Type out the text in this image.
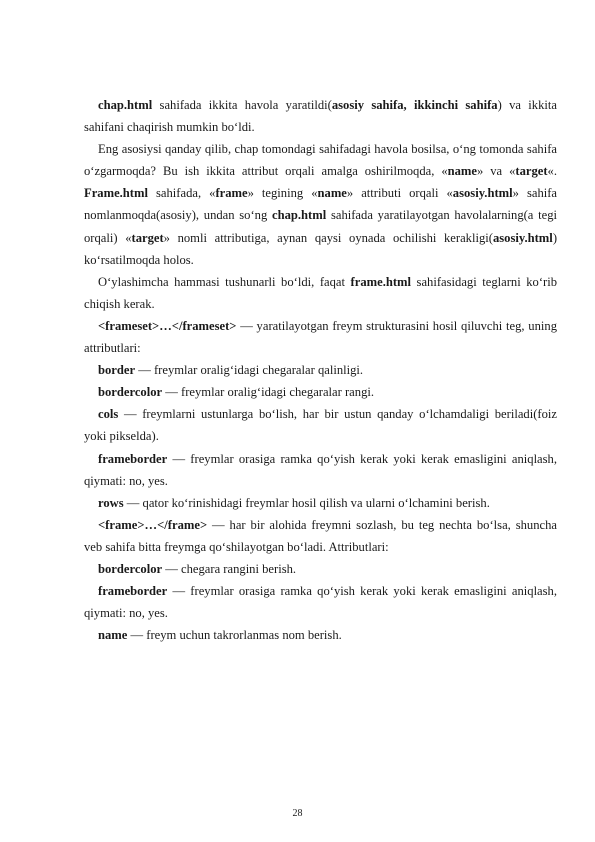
chap.html sahifada ikkita havola yaratildi(asosiy sahifa, ikkinchi sahifa) va ikkita sahifani chaqirish mumkin bo‘ldi.

Eng asosiysi qanday qilib, chap tomondagi sahifadagi havola bosilsa, o‘ng tomonda sahifa o‘zgarmoqda? Bu ish ikkita attribut orqali amalga oshirilmoqda, «name» va «target«. Frame.html sahifada, «frame» tegining «name» attributi orqali «asosiy.html» sahifa nomlanmoqda(asosiy), undan so‘ng chap.html sahifada yaratilayotgan havolalarning(a tegi orqali) «target» nomli attributiga, aynan qaysi oynada ochilishi kerakligi(asosiy.html) ko‘rsatilmoqda holos.

O‘ylashimcha hammasi tushunarli bo‘ldi, faqat frame.html sahifasidagi teglarni ko‘rib chiqish kerak.

<frameset>…</frameset> — yaratilayotgan freym strukturasini hosil qiluvchi teg, uning attributlari:

border — freymlar oralig‘idagi chegaralar qalinligi.

bordercolor — freymlar oralig‘idagi chegaralar rangi.

cols — freymlarni ustunlarga bo‘lish, har bir ustun qanday o‘lchamdaligi beriladi(foiz yoki pikselda).

frameborder — freymlar orasiga ramka qo‘yish kerak yoki kerak emasligini aniqlash, qiymati: no, yes.

rows — qator ko‘rinishidagi freymlar hosil qilish va ularni o‘lchamini berish.

<frame>…</frame> — har bir alohida freymni sozlash, bu teg nechta bo‘lsa, shuncha veb sahifa bitta freymga qo‘shilayotgan bo‘ladi. Attributlari:

bordercolor — chegara rangini berish.

frameborder — freymlar orasiga ramka qo‘yish kerak yoki kerak emasligini aniqlash, qiymati: no, yes.

name — freym uchun takrorlanmas nom berish.

28
